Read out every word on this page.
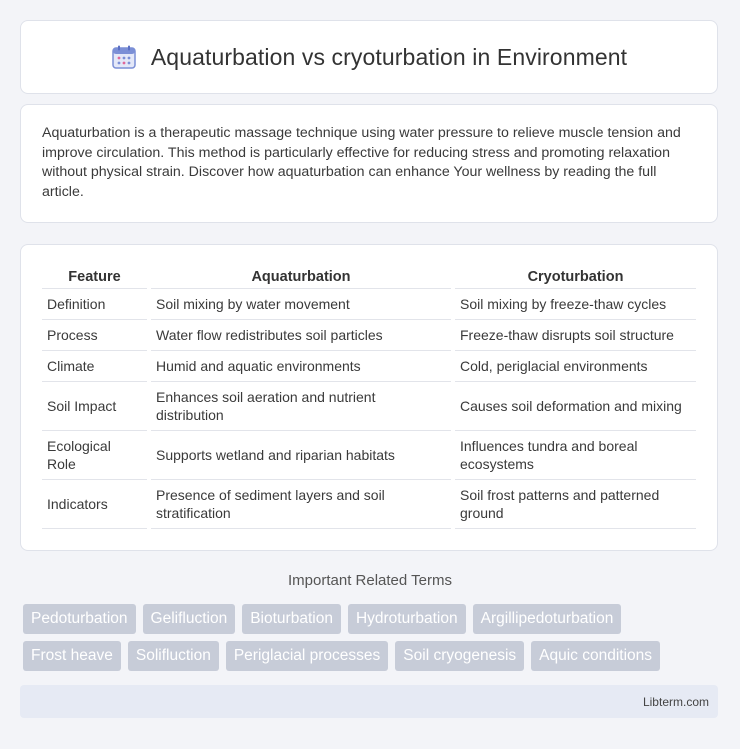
Aquaturbation vs cryoturbation in Environment

Aquaturbation is a therapeutic massage technique using water pressure to relieve muscle tension and improve circulation. This method is particularly effective for reducing stress and promoting relaxation without physical strain. Discover how aquaturbation can enhance Your wellness by reading the full article.

Feature	Aquaturbation	Cryoturbation
Definition	Soil mixing by water movement	Soil mixing by freeze-thaw cycles
Process	Water flow redistributes soil particles	Freeze-thaw disrupts soil structure
Climate	Humid and aquatic environments	Cold, periglacial environments
Soil Impact	Enhances soil aeration and nutrient distribution	Causes soil deformation and mixing
Ecological Role	Supports wetland and riparian habitats	Influences tundra and boreal ecosystems
Indicators	Presence of sediment layers and soil stratification	Soil frost patterns and patterned ground
Important Related Terms
Pedoturbation	Gelifluction	Bioturbation	Hydroturbation	Argillipedoturbation
Frost heave	Solifluction	Periglacial processes	Soil cryogenesis	Aquic conditions
Libterm.com
